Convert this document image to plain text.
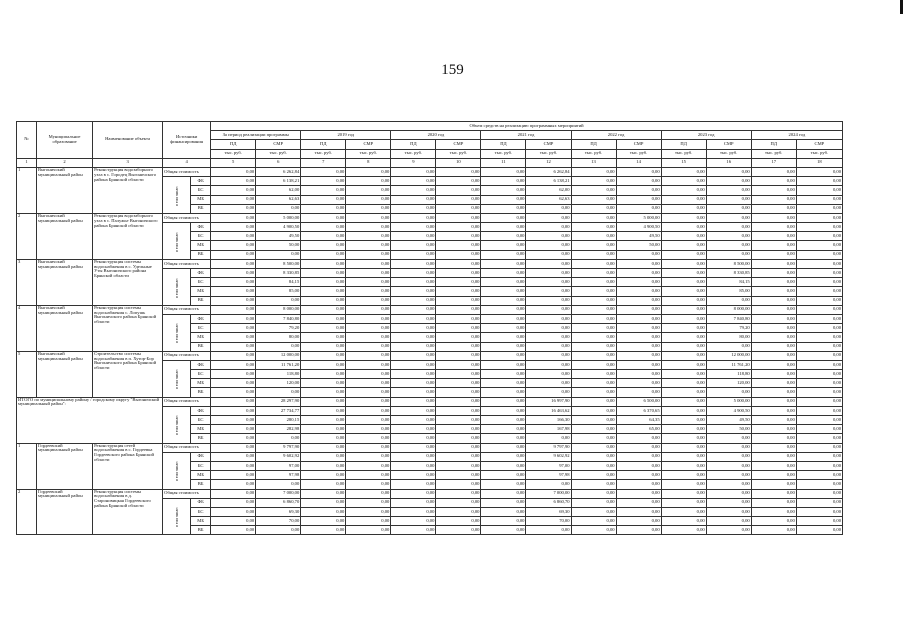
159
№	Муниципальное образование	Наименование объекта	Источники финансирования		Объем средств на реализацию программных мероприятий													
					За период реализации программы		2019 год		2020 год		2021 год		2022 год		2023 год		2024 год	
					ПД	СМР	ПД	СМР	ПД	СМР	ПД	СМР	ПД	СМР	ПД	СМР	ПД	СМР
					тыс. руб.	тыс. руб.	тыс. руб.	тыс. руб.	тыс. руб.	тыс. руб.	тыс. руб.	тыс. руб.	тыс. руб.	тыс. руб.	тыс. руб.	тыс. руб.	тыс. руб.	тыс. руб.
1	2	3	4		5	6	7	8	9	10	11	12	13	14	15	16	17	18
1	Выгоничский муниципальный район	Реконструкция водозаборного узла в с. Городец Выгоничского района Брянской области	Общая стоимость		0,00	6 262,84	0,00	0,00	0,00	0,00	0,00	6 262,84	0,00	0,00	0,00	0,00	0,00	0,00
			в том числе:	ФБ	0,00	6 138,21	0,00	0,00	0,00	0,00	0,00	6 138,21	0,00	0,00	0,00	0,00	0,00	0,00
				БС	0,00	62,00	0,00	0,00	0,00	0,00	0,00	62,00	0,00	0,00	0,00	0,00	0,00	0,00
				МБ	0,00	62,63	0,00	0,00	0,00	0,00	0,00	62,63	0,00	0,00	0,00	0,00	0,00	0,00
				ВБ	0,00	0,00	0,00	0,00	0,00	0,00	0,00	0,00	0,00	0,00	0,00	0,00	0,00	0,00
2	Выгоничский муниципальный район	Реконструкция водозаборного узла в с. Палужье Выгоничского района Брянской области	Общая стоимость		0,00	5 000,00	0,00	0,00	0,00	0,00	0,00	0,00	0,00	5 000,00	0,00	0,00	0,00	0,00
			в том числе:	ФБ	0,00	4 900,50	0,00	0,00	0,00	0,00	0,00	0,00	0,00	4 900,50	0,00	0,00	0,00	0,00
				БС	0,00	49,50	0,00	0,00	0,00	0,00	0,00	0,00	0,00	49,50	0,00	0,00	0,00	0,00
				МБ	0,00	50,00	0,00	0,00	0,00	0,00	0,00	0,00	0,00	50,00	0,00	0,00	0,00	0,00
				ВБ	0,00	0,00	0,00	0,00	0,00	0,00	0,00	0,00	0,00	0,00	0,00	0,00	0,00	0,00
3	Выгоничский муниципальный район	Реконструкция системы водоснабжения в с. Удельные Уты Выгоничского района Брянской области	Общая стоимость		0,00	8 500,00	0,00	0,00	0,00	0,00	0,00	0,00	0,00	0,00	0,00	8 500,00	0,00	0,00
			в том числе:	ФБ	0,00	8 330,85	0,00	0,00	0,00	0,00	0,00	0,00	0,00	0,00	0,00	8 330,85	0,00	0,00
				БС	0,00	84,15	0,00	0,00	0,00	0,00	0,00	0,00	0,00	0,00	0,00	84,15	0,00	0,00
				МБ	0,00	85,00	0,00	0,00	0,00	0,00	0,00	0,00	0,00	0,00	0,00	85,00	0,00	0,00
				ВБ	0,00	0,00	0,00	0,00	0,00	0,00	0,00	0,00	0,00	0,00	0,00	0,00	0,00	0,00
4	Выгоничский муниципальный район	Реконструкция системы водоснабжения с. Лопушь Выгоничского района Брянской области	Общая стоимость		0,00	8 000,00	0,00	0,00	0,00	0,00	0,00	0,00	0,00	0,00	0,00	8 000,00	0,00	0,00
			в том числе:	ФБ	0,00	7 840,80	0,00	0,00	0,00	0,00	0,00	0,00	0,00	0,00	0,00	7 840,80	0,00	0,00
				БС	0,00	79,20	0,00	0,00	0,00	0,00	0,00	0,00	0,00	0,00	0,00	79,20	0,00	0,00
				МБ	0,00	80,00	0,00	0,00	0,00	0,00	0,00	0,00	0,00	0,00	0,00	80,00	0,00	0,00
				ВБ	0,00	0,00	0,00	0,00	0,00	0,00	0,00	0,00	0,00	0,00	0,00	0,00	0,00	0,00
5	Выгоничский муниципальный район	Строительство системы водоснабжения в п. Хутор-Бор Выгоничского района Брянской области	Общая стоимость		0,00	12 000,00	0,00	0,00	0,00	0,00	0,00	0,00	0,00	0,00	0,00	12 000,00	0,00	0,00
			в том числе:	ФБ	0,00	11 761,20	0,00	0,00	0,00	0,00	0,00	0,00	0,00	0,00	0,00	11 761,20	0,00	0,00
				БС	0,00	118,80	0,00	0,00	0,00	0,00	0,00	0,00	0,00	0,00	0,00	118,80	0,00	0,00
				МБ	0,00	120,00	0,00	0,00	0,00	0,00	0,00	0,00	0,00	0,00	0,00	120,00	0,00	0,00
				ВБ	0,00	0,00	0,00	0,00	0,00	0,00	0,00	0,00	0,00	0,00	0,00	0,00	0,00	0,00
ИТОГО по муниципальному району / городскому округу "Выгоничский муниципальный район":			Общая стоимость		0,00	28 297,90	0,00	0,00	0,00	0,00	0,00	16 997,90	0,00	6 500,00	0,00	5 000,00	0,00	0,00
			в том числе:	ФБ	0,00	27 734,77	0,00	0,00	0,00	0,00	0,00	16 463,62	0,00	6 370,65	0,00	4 900,50	0,00	0,00
				БС	0,00	280,15	0,00	0,00	0,00	0,00	0,00	166,30	0,00	64,35	0,00	49,50	0,00	0,00
				МБ	0,00	282,98	0,00	0,00	0,00	0,00	0,00	167,98	0,00	65,00	0,00	50,00	0,00	0,00
				ВБ	0,00	0,00	0,00	0,00	0,00	0,00	0,00	0,00	0,00	0,00	0,00	0,00	0,00	0,00
1	Гордеевский муниципальный район	Реконструкция сетей водоснабжения в с. Гордеевка Гордеевского района Брянской области	Общая стоимость		0,00	9 797,90	0,00	0,00	0,00	0,00	0,00	9 797,90	0,00	0,00	0,00	0,00	0,00	0,00
			в том числе:	ФБ	0,00	9 602,92	0,00	0,00	0,00	0,00	0,00	9 602,92	0,00	0,00	0,00	0,00	0,00	0,00
				БС	0,00	97,00	0,00	0,00	0,00	0,00	0,00	97,00	0,00	0,00	0,00	0,00	0,00	0,00
				МБ	0,00	97,98	0,00	0,00	0,00	0,00	0,00	97,98	0,00	0,00	0,00	0,00	0,00	0,00
				ВБ	0,00	0,00	0,00	0,00	0,00	0,00	0,00	0,00	0,00	0,00	0,00	0,00	0,00	0,00
2	Гордеевский муниципальный район	Реконструкция системы водоснабжения в д. Староновицкая Гордеевского района Брянской области	Общая стоимость		0,00	7 000,00	0,00	0,00	0,00	0,00	0,00	7 000,00	0,00	0,00	0,00	0,00	0,00	0,00
			в том числе:	ФБ	0,00	6 860,70	0,00	0,00	0,00	0,00	0,00	6 860,70	0,00	0,00	0,00	0,00	0,00	0,00
				БС	0,00	69,30	0,00	0,00	0,00	0,00	0,00	69,30	0,00	0,00	0,00	0,00	0,00	0,00
				МБ	0,00	70,00	0,00	0,00	0,00	0,00	0,00	70,00	0,00	0,00	0,00	0,00	0,00	0,00
				ВБ	0,00	0,00	0,00	0,00	0,00	0,00	0,00	0,00	0,00	0,00	0,00	0,00	0,00	0,00
